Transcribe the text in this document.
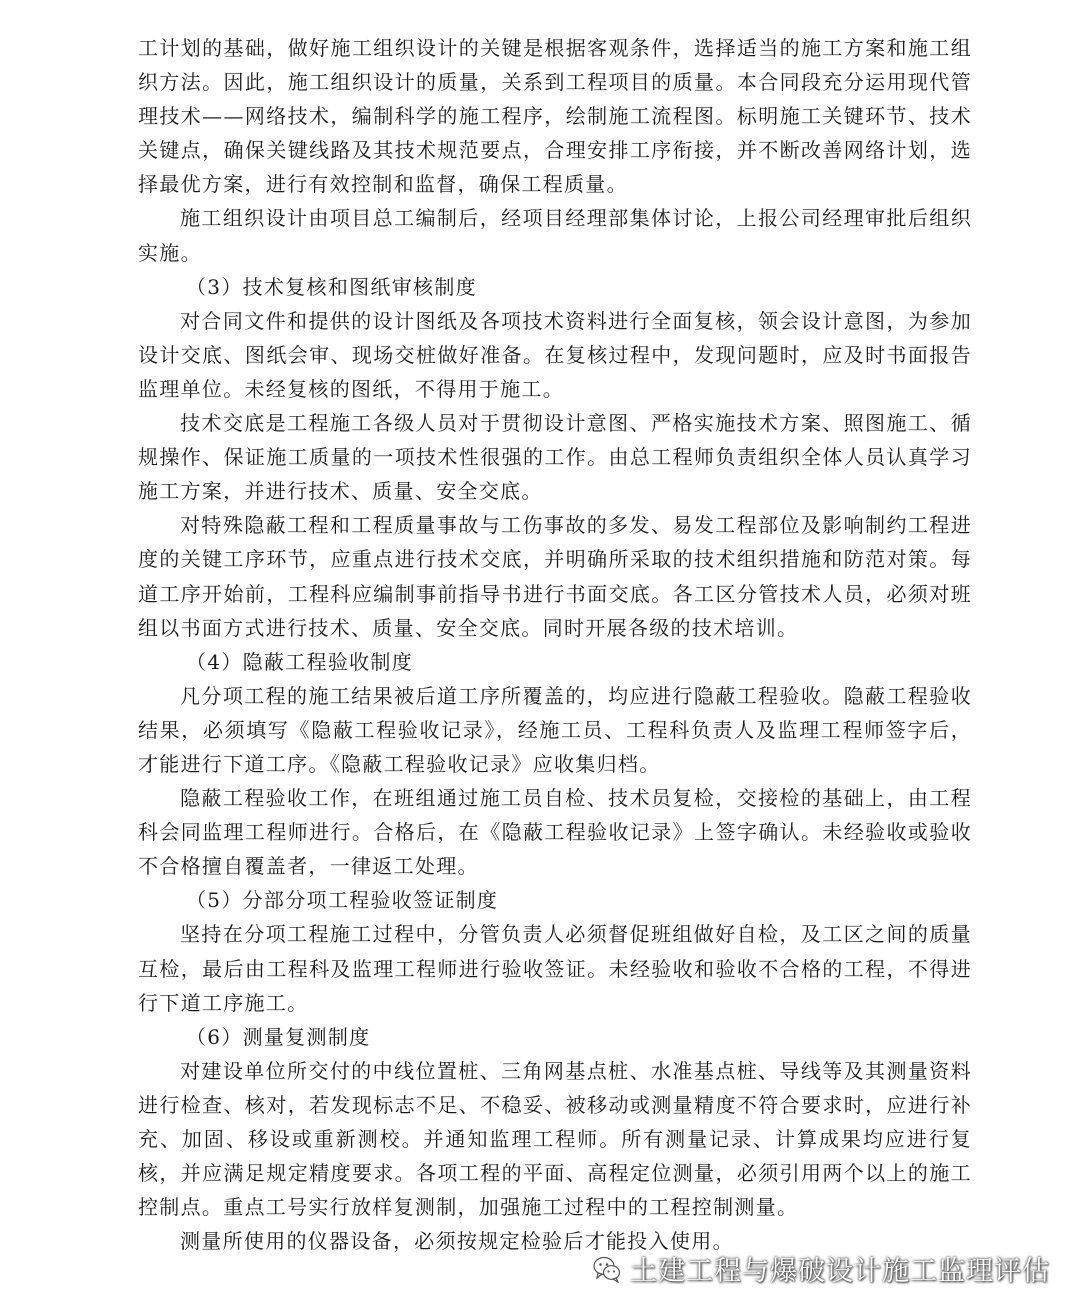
工计划的基础，做好施工组织设计的关键是根据客观条件，选择适当的施工方案和施工组织方法。因此，施工组织设计的质量，关系到工程项目的质量。本合同段充分运用现代管理技术——网络技术，编制科学的施工程序，绘制施工流程图。标明施工关键环节、技术关键点，确保关键线路及其技术规范要点，合理安排工序衔接，并不断改善网络计划，选择最优方案，进行有效控制和监督，确保工程质量。

施工组织设计由项目总工编制后，经项目经理部集体讨论，上报公司经理审批后组织实施。

（3）技术复核和图纸审核制度

对合同文件和提供的设计图纸及各项技术资料进行全面复核，领会设计意图，为参加设计交底、图纸会审、现场交桩做好准备。在复核过程中，发现问题时，应及时书面报告监理单位。未经复核的图纸，不得用于施工。

技术交底是工程施工各级人员对于贯彻设计意图、严格实施技术方案、照图施工、循规操作、保证施工质量的一项技术性很强的工作。由总工程师负责组织全体人员认真学习施工方案，并进行技术、质量、安全交底。

对特殊隐蔽工程和工程质量事故与工伤事故的多发、易发工程部位及影响制约工程进度的关键工序环节，应重点进行技术交底，并明确所采取的技术组织措施和防范对策。每道工序开始前，工程科应编制事前指导书进行书面交底。各工区分管技术人员，必须对班组以书面方式进行技术、质量、安全交底。同时开展各级的技术培训。

（4）隐蔽工程验收制度

凡分项工程的施工结果被后道工序所覆盖的，均应进行隐蔽工程验收。隐蔽工程验收结果，必须填写《隐蔽工程验收记录》，经施工员、工程科负责人及监理工程师签字后，才能进行下道工序。《隐蔽工程验收记录》应收集归档。

隐蔽工程验收工作，在班组通过施工员自检、技术员复检，交接检的基础上，由工程科会同监理工程师进行。合格后，在《隐蔽工程验收记录》上签字确认。未经验收或验收不合格擅自覆盖者，一律返工处理。

（5）分部分项工程验收签证制度

坚持在分项工程施工过程中，分管负责人必须督促班组做好自检，及工区之间的质量互检，最后由工程科及监理工程师进行验收签证。未经验收和验收不合格的工程，不得进行下道工序施工。

（6）测量复测制度

对建设单位所交付的中线位置桩、三角网基点桩、水准基点桩、导线等及其测量资料进行检查、核对，若发现标志不足、不稳妥、被移动或测量精度不符合要求时，应进行补充、加固、移设或重新测校。并通知监理工程师。所有测量记录、计算成果均应进行复核，并应满足规定精度要求。各项工程的平面、高程定位测量，必须引用两个以上的施工控制点。重点工号实行放样复测制，加强施工过程中的工程控制测量。

测量所使用的仪器设备，必须按规定检验后才能投入使用。

土建工程与爆破设计施工监理评估
